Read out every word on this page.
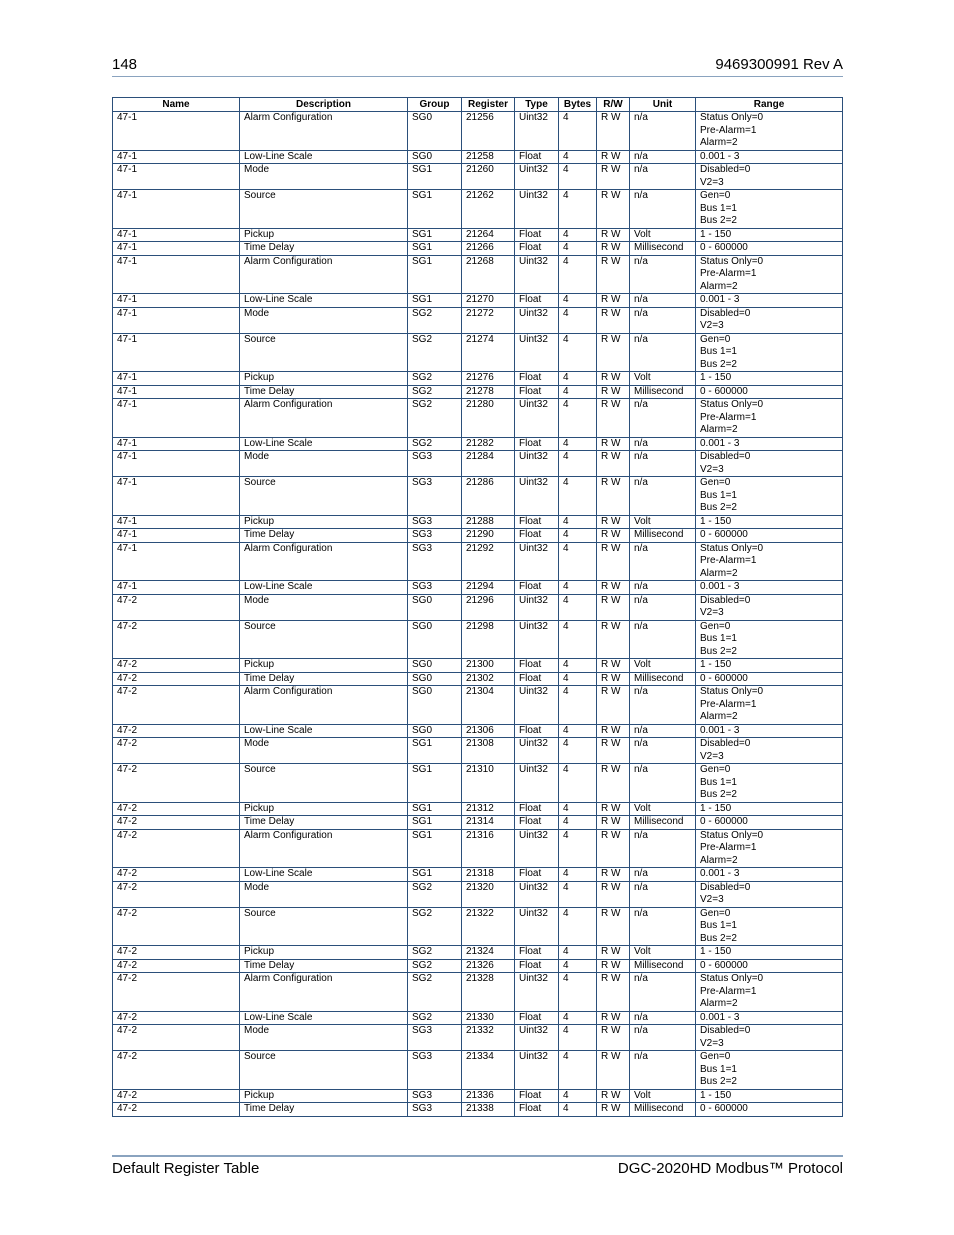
148	9469300991 Rev A
Name	Description	Group	Register	Type	Bytes	R/W	Unit	Range
47-1	Alarm Configuration	SG0	21256	Uint32	4	R W	n/a	Status Only=0
Pre-Alarm=1
Alarm=2
47-1	Low-Line Scale	SG0	21258	Float	4	R W	n/a	0.001 - 3
47-1	Mode	SG1	21260	Uint32	4	R W	n/a	Disabled=0
V2=3
47-1	Source	SG1	21262	Uint32	4	R W	n/a	Gen=0
Bus 1=1
Bus 2=2
47-1	Pickup	SG1	21264	Float	4	R W	Volt	1 - 150
47-1	Time Delay	SG1	21266	Float	4	R W	Millisecond	0 - 600000
47-1	Alarm Configuration	SG1	21268	Uint32	4	R W	n/a	Status Only=0
Pre-Alarm=1
Alarm=2
47-1	Low-Line Scale	SG1	21270	Float	4	R W	n/a	0.001 - 3
47-1	Mode	SG2	21272	Uint32	4	R W	n/a	Disabled=0
V2=3
47-1	Source	SG2	21274	Uint32	4	R W	n/a	Gen=0
Bus 1=1
Bus 2=2
47-1	Pickup	SG2	21276	Float	4	R W	Volt	1 - 150
47-1	Time Delay	SG2	21278	Float	4	R W	Millisecond	0 - 600000
47-1	Alarm Configuration	SG2	21280	Uint32	4	R W	n/a	Status Only=0
Pre-Alarm=1
Alarm=2
47-1	Low-Line Scale	SG2	21282	Float	4	R W	n/a	0.001 - 3
47-1	Mode	SG3	21284	Uint32	4	R W	n/a	Disabled=0
V2=3
47-1	Source	SG3	21286	Uint32	4	R W	n/a	Gen=0
Bus 1=1
Bus 2=2
47-1	Pickup	SG3	21288	Float	4	R W	Volt	1 - 150
47-1	Time Delay	SG3	21290	Float	4	R W	Millisecond	0 - 600000
47-1	Alarm Configuration	SG3	21292	Uint32	4	R W	n/a	Status Only=0
Pre-Alarm=1
Alarm=2
47-1	Low-Line Scale	SG3	21294	Float	4	R W	n/a	0.001 - 3
47-2	Mode	SG0	21296	Uint32	4	R W	n/a	Disabled=0
V2=3
47-2	Source	SG0	21298	Uint32	4	R W	n/a	Gen=0
Bus 1=1
Bus 2=2
47-2	Pickup	SG0	21300	Float	4	R W	Volt	1 - 150
47-2	Time Delay	SG0	21302	Float	4	R W	Millisecond	0 - 600000
47-2	Alarm Configuration	SG0	21304	Uint32	4	R W	n/a	Status Only=0
Pre-Alarm=1
Alarm=2
47-2	Low-Line Scale	SG0	21306	Float	4	R W	n/a	0.001 - 3
47-2	Mode	SG1	21308	Uint32	4	R W	n/a	Disabled=0
V2=3
47-2	Source	SG1	21310	Uint32	4	R W	n/a	Gen=0
Bus 1=1
Bus 2=2
47-2	Pickup	SG1	21312	Float	4	R W	Volt	1 - 150
47-2	Time Delay	SG1	21314	Float	4	R W	Millisecond	0 - 600000
47-2	Alarm Configuration	SG1	21316	Uint32	4	R W	n/a	Status Only=0
Pre-Alarm=1
Alarm=2
47-2	Low-Line Scale	SG1	21318	Float	4	R W	n/a	0.001 - 3
47-2	Mode	SG2	21320	Uint32	4	R W	n/a	Disabled=0
V2=3
47-2	Source	SG2	21322	Uint32	4	R W	n/a	Gen=0
Bus 1=1
Bus 2=2
47-2	Pickup	SG2	21324	Float	4	R W	Volt	1 - 150
47-2	Time Delay	SG2	21326	Float	4	R W	Millisecond	0 - 600000
47-2	Alarm Configuration	SG2	21328	Uint32	4	R W	n/a	Status Only=0
Pre-Alarm=1
Alarm=2
47-2	Low-Line Scale	SG2	21330	Float	4	R W	n/a	0.001 - 3
47-2	Mode	SG3	21332	Uint32	4	R W	n/a	Disabled=0
V2=3
47-2	Source	SG3	21334	Uint32	4	R W	n/a	Gen=0
Bus 1=1
Bus 2=2
47-2	Pickup	SG3	21336	Float	4	R W	Volt	1 - 150
47-2	Time Delay	SG3	21338	Float	4	R W	Millisecond	0 - 600000
Default Register Table	DGC-2020HD Modbus™ Protocol
